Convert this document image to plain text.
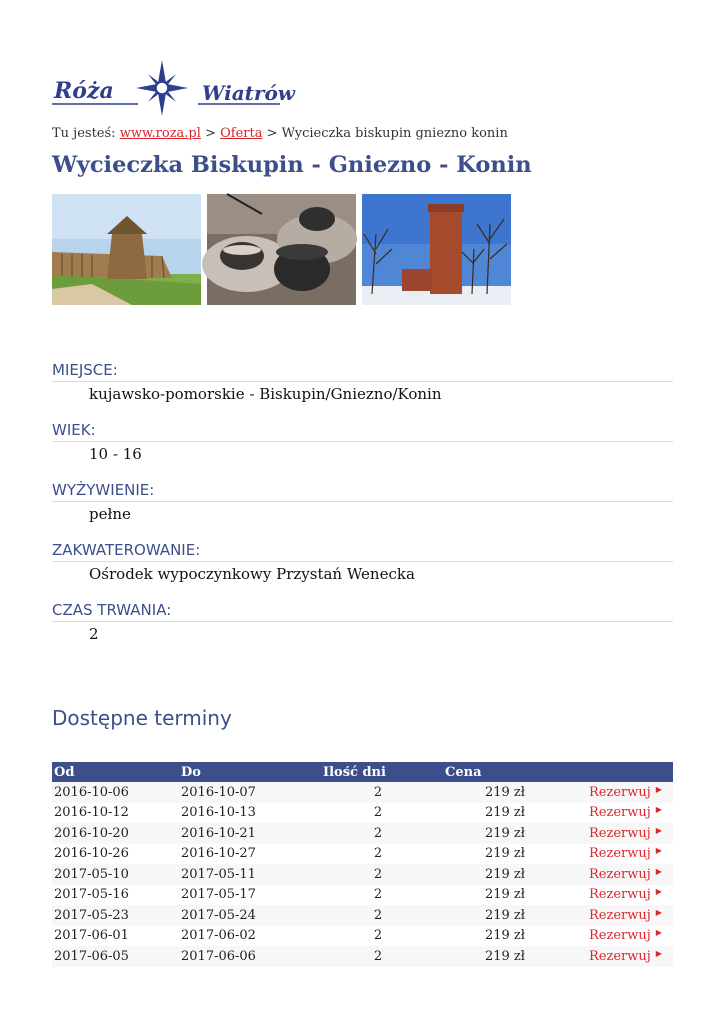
Róża	Wiatrów
Tu jesteś: www.roza.pl > Oferta > Wycieczka biskupin gniezno konin
Wycieczka Biskupin - Gniezno - Konin
MIEJSCE:
kujawsko-pomorskie - Biskupin/Gniezno/Konin
WIEK:
10 - 16
WYŻYWIENIE:
pełne
ZAKWATEROWANIE:
Ośrodek wypoczynkowy Przystań Wenecka
CZAS TRWANIA:
2
Dostępne terminy
Od	Do	Ilość dni	Cena	
2016-10-06	2016-10-07	2	219 zł	Rezerwuj ▶
2016-10-12	2016-10-13	2	219 zł	Rezerwuj ▶
2016-10-20	2016-10-21	2	219 zł	Rezerwuj ▶
2016-10-26	2016-10-27	2	219 zł	Rezerwuj ▶
2017-05-10	2017-05-11	2	219 zł	Rezerwuj ▶
2017-05-16	2017-05-17	2	219 zł	Rezerwuj ▶
2017-05-23	2017-05-24	2	219 zł	Rezerwuj ▶
2017-06-01	2017-06-02	2	219 zł	Rezerwuj ▶
2017-06-05	2017-06-06	2	219 zł	Rezerwuj ▶
